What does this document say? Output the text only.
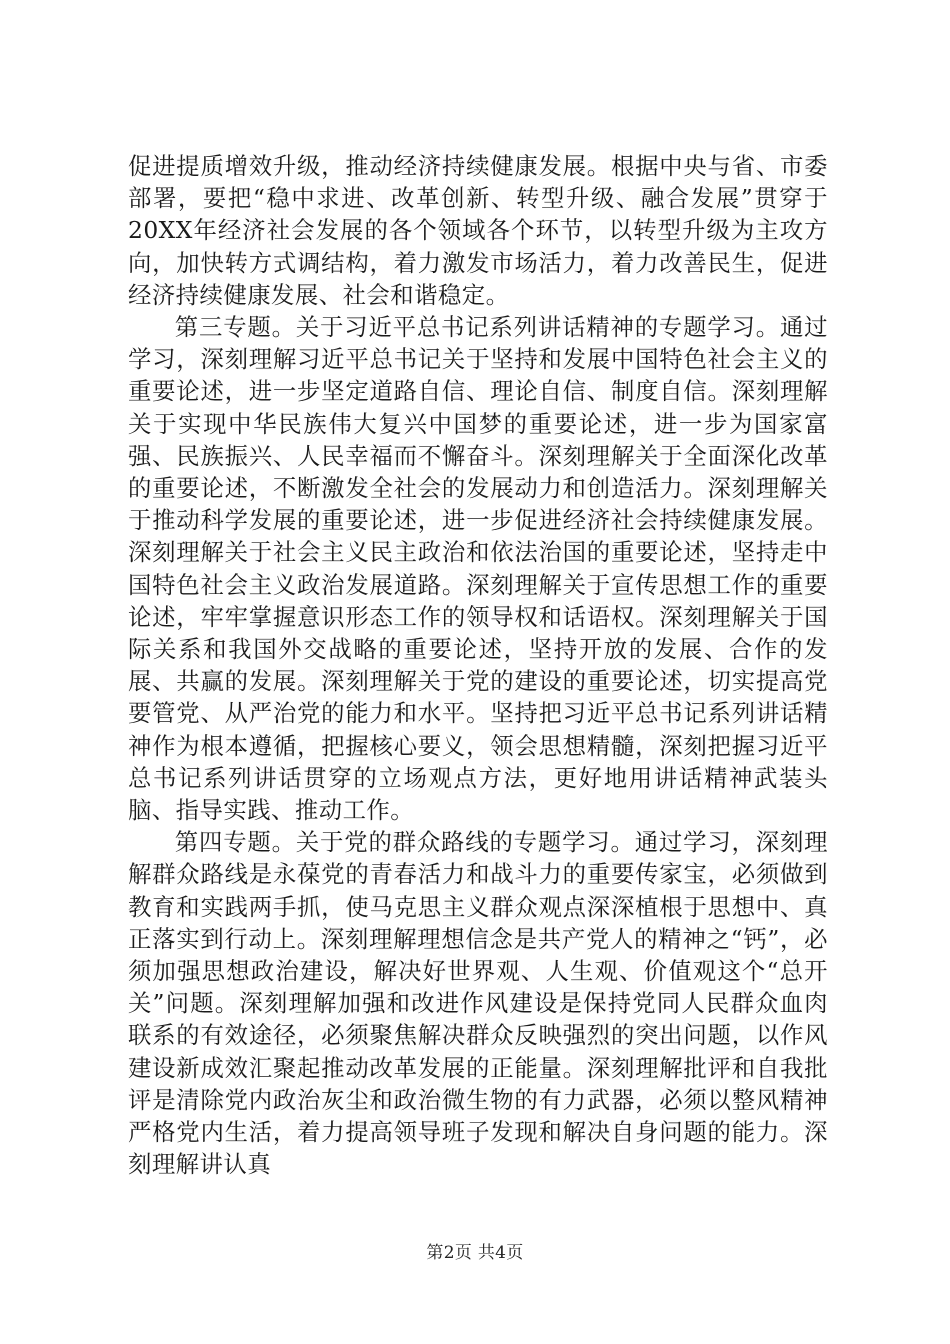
促进提质增效升级，推动经济持续健康发展。根据中央与省、市委部署，要把“稳中求进、改革创新、转型升级、融合发展”贯穿于20XX年经济社会发展的各个领域各个环节，以转型升级为主攻方向，加快转方式调结构，着力激发市场活力，着力改善民生，促进经济持续健康发展、社会和谐稳定。

第三专题。关于习近平总书记系列讲话精神的专题学习。通过学习，深刻理解习近平总书记关于坚持和发展中国特色社会主义的重要论述，进一步坚定道路自信、理论自信、制度自信。深刻理解关于实现中华民族伟大复兴中国梦的重要论述，进一步为国家富强、民族振兴、人民幸福而不懈奋斗。深刻理解关于全面深化改革的重要论述，不断激发全社会的发展动力和创造活力。深刻理解关于推动科学发展的重要论述，进一步促进经济社会持续健康发展。深刻理解关于社会主义民主政治和依法治国的重要论述，坚持走中国特色社会主义政治发展道路。深刻理解关于宣传思想工作的重要论述，牢牢掌握意识形态工作的领导权和话语权。深刻理解关于国际关系和我国外交战略的重要论述，坚持开放的发展、合作的发展、共赢的发展。深刻理解关于党的建设的重要论述，切实提高党要管党、从严治党的能力和水平。坚持把习近平总书记系列讲话精神作为根本遵循，把握核心要义，领会思想精髓，深刻把握习近平总书记系列讲话贯穿的立场观点方法，更好地用讲话精神武装头脑、指导实践、推动工作。

第四专题。关于党的群众路线的专题学习。通过学习，深刻理解群众路线是永葆党的青春活力和战斗力的重要传家宝，必须做到教育和实践两手抓，使马克思主义群众观点深深植根于思想中、真正落实到行动上。深刻理解理想信念是共产党人的精神之“钙”，必须加强思想政治建设，解决好世界观、人生观、价值观这个“总开关”问题。深刻理解加强和改进作风建设是保持党同人民群众血肉联系的有效途径，必须聚焦解决群众反映强烈的突出问题，以作风建设新成效汇聚起推动改革发展的正能量。深刻理解批评和自我批评是清除党内政治灰尘和政治微生物的有力武器，必须以整风精神严格党内生活，着力提高领导班子发现和解决自身问题的能力。深刻理解讲认真

第2页 共4页
